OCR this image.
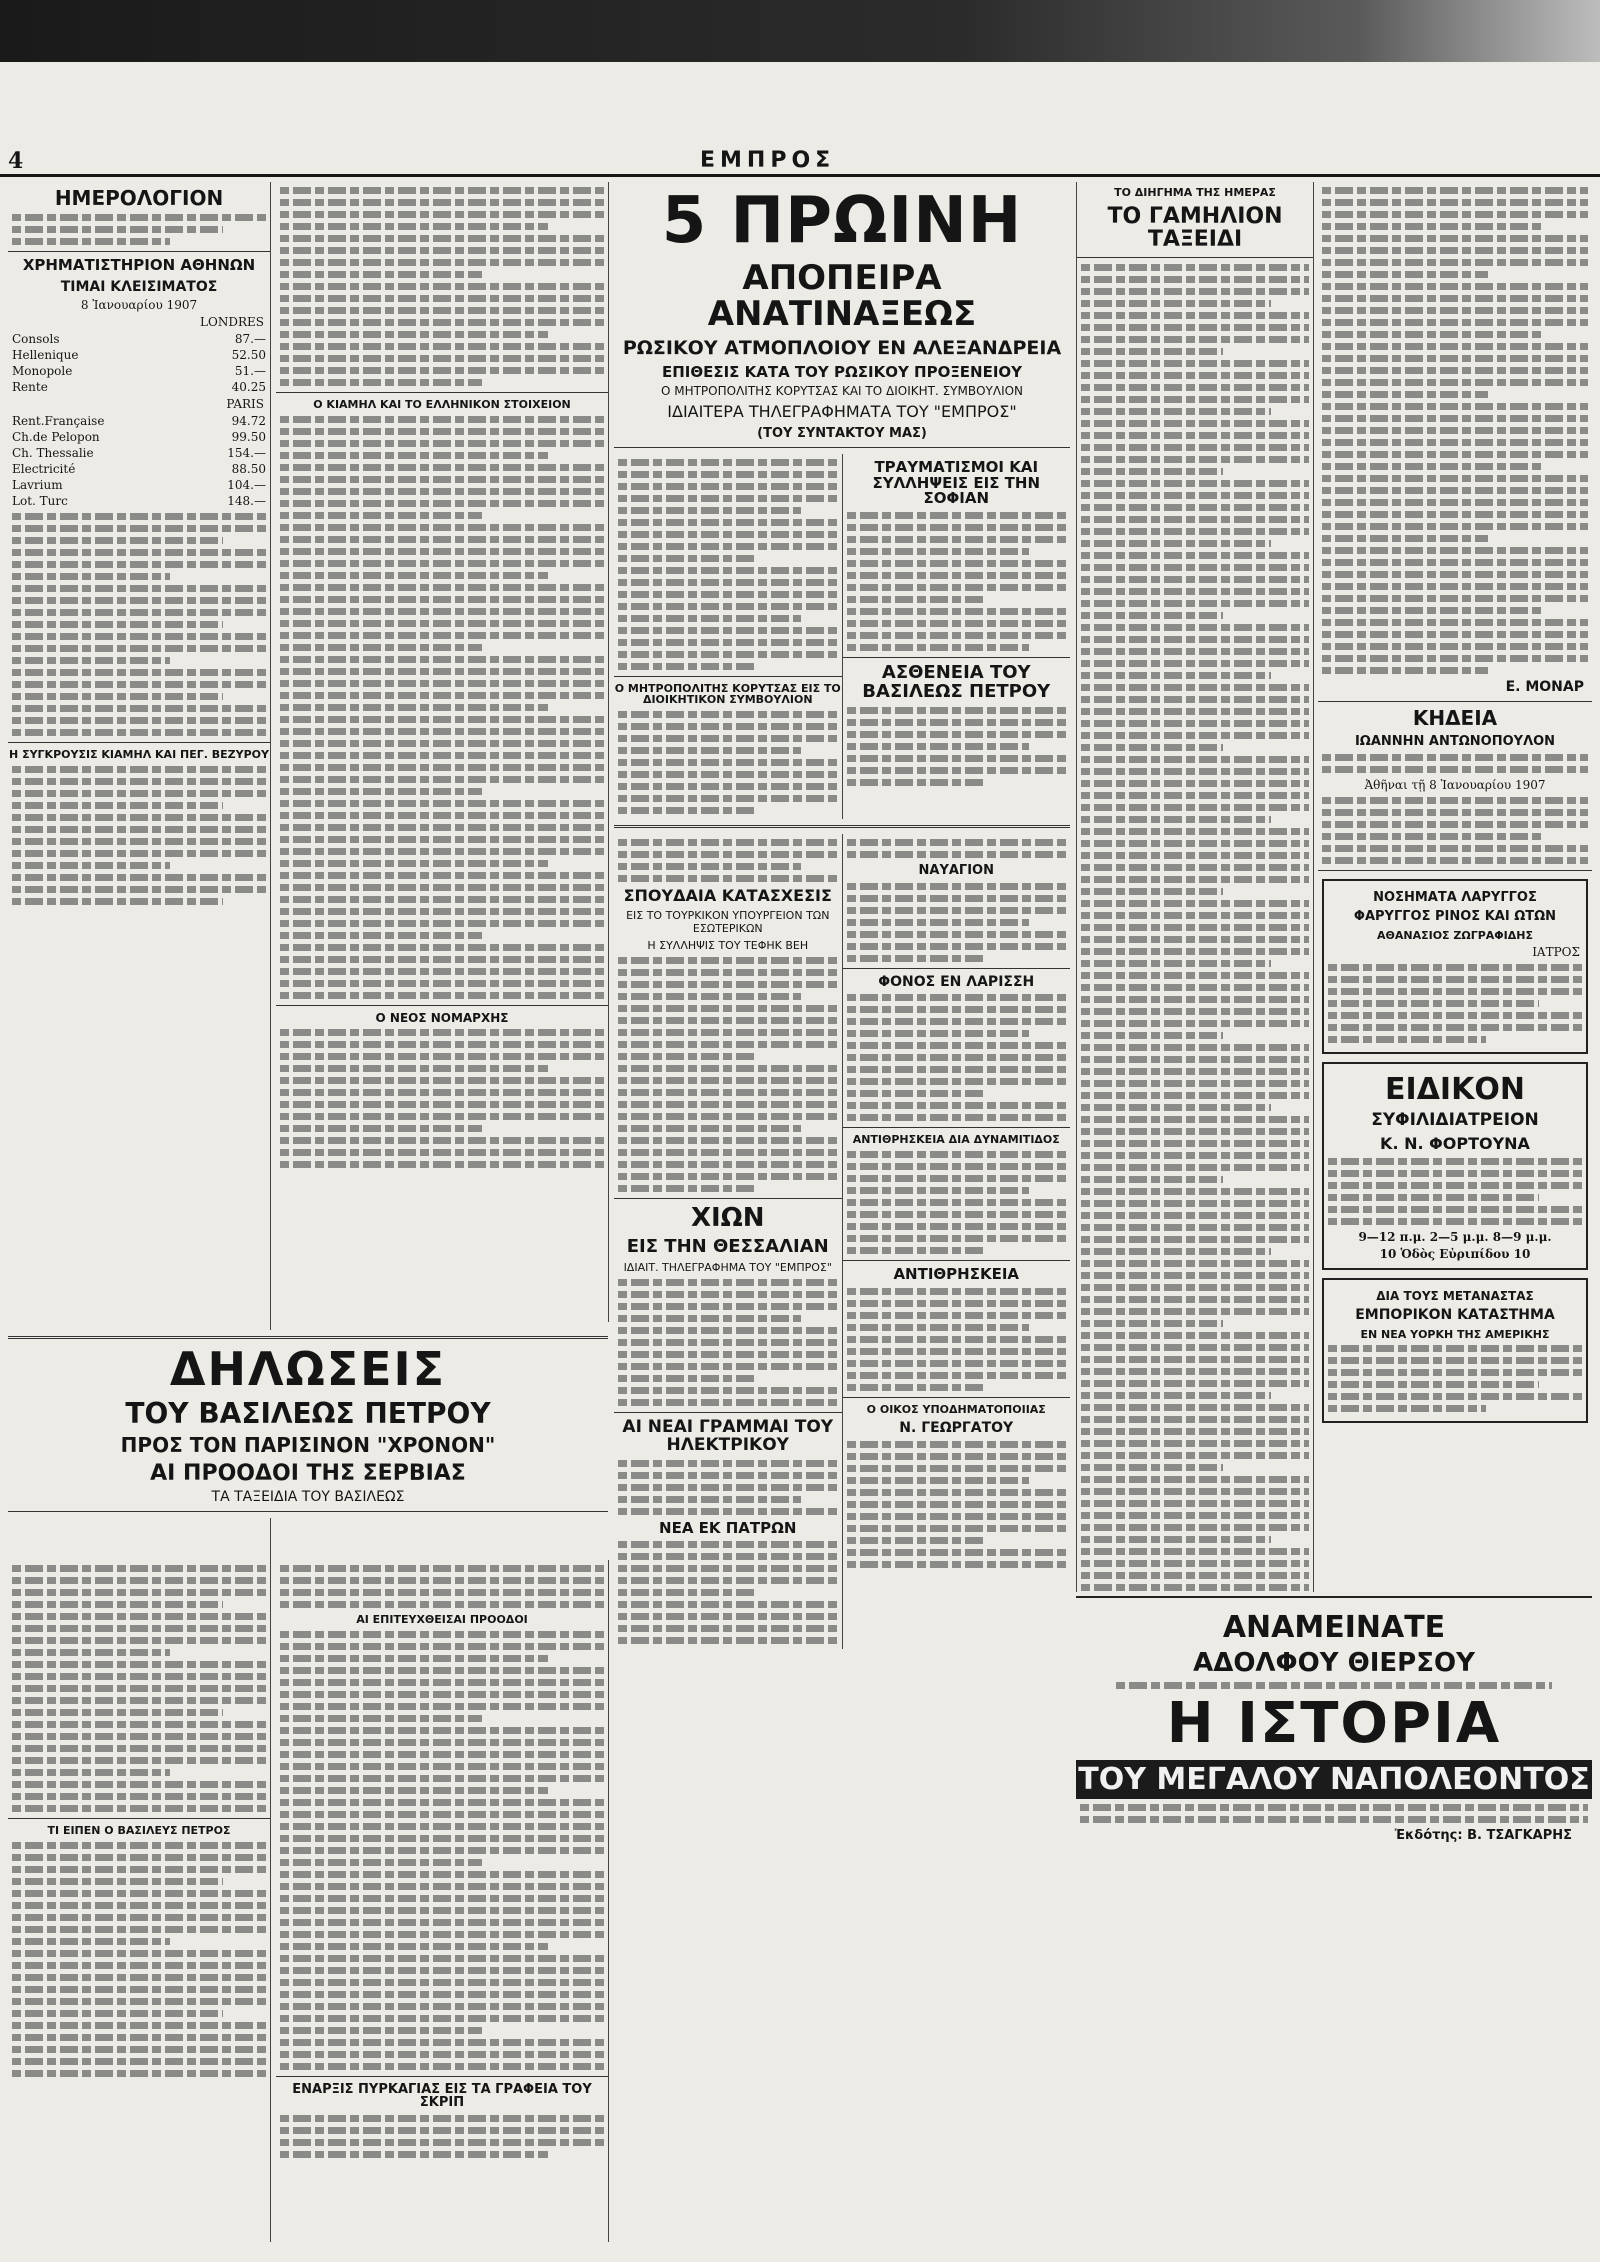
4	ΕΜΠΡΟΣ
ΗΜΕΡΟΛΟΓΙΟΝ
ΧΡΗΜΑΤΙΣΤΗΡΙΟΝ ΑΘΗΝΩΝ
ΤΙΜΑΙ ΚΛΕΙΣΙΜΑΤΟΣ
8 Ἰανουαρίου 1907
LONDRES
Consols	87.—
Hellenique	52.50
Monopole	51.—
Rente	40.25
PARIS
Rent.Française	94.72
Ch.de Pelopon	99.50
Ch. Thessalie	154.—
Electricité	88.50
Lavrium	104.—
Lot. Turc	148.—
Η ΣΥΓΚΡΟΥΣΙΣ ΚΙΑΜΗΛ ΚΑΙ ΠΕΓ. ΒΕΖΥΡΟΥ
ΔΗΛΩΣΕΙΣ
ΤΟΥ ΒΑΣΙΛΕΩΣ ΠΕΤΡΟΥ
ΠΡΟΣ ΤΟΝ ΠΑΡΙΣΙΝΟΝ "ΧΡΟΝΟΝ"
ΑΙ ΠΡΟΟΔΟΙ ΤΗΣ ΣΕΡΒΙΑΣ
ΤΑ ΤΑΞΕΙΔΙΑ ΤΟΥ ΒΑΣΙΛΕΩΣ
ΤΙ ΕΙΠΕΝ Ο ΒΑΣΙΛΕΥΣ ΠΕΤΡΟΣ
Ο ΚΙΑΜΗΛ ΚΑΙ ΤΟ ΕΛΛΗΝΙΚΟΝ ΣΤΟΙΧΕΙΟΝ
Ο ΝΕΟΣ ΝΟΜΑΡΧΗΣ
ΑΙ ΕΠΙΤΕΥΧΘΕΙΣΑΙ ΠΡΟΟΔΟΙ
ΕΝΑΡΞΙΣ ΠΥΡΚΑΓΙΑΣ ΕΙΣ ΤΑ ΓΡΑΦΕΙΑ ΤΟΥ ΣΚΡΙΠ
5 ΠΡΩΙΝΗ
ΑΠΟΠΕΙΡΑ ΑΝΑΤΙΝΑΞΕΩΣ
ΡΩΣΙΚΟΥ ΑΤΜΟΠΛΟΙΟΥ ΕΝ ΑΛΕΞΑΝΔΡΕΙΑ
ΕΠΙΘΕΣΙΣ ΚΑΤΑ ΤΟΥ ΡΩΣΙΚΟΥ ΠΡΟΞΕΝΕΙΟΥ
Ο ΜΗΤΡΟΠΟΛΙΤΗΣ ΚΟΡΥΤΣΑΣ ΚΑΙ ΤΟ ΔΙΟΙΚΗΤ. ΣΥΜΒΟΥΛΙΟΝ
ΙΔΙΑΙΤΕΡΑ ΤΗΛΕΓΡΑΦΗΜΑΤΑ ΤΟΥ "ΕΜΠΡΟΣ"
(ΤΟΥ ΣΥΝΤΑΚΤΟΥ ΜΑΣ)
Ο ΜΗΤΡΟΠΟΛΙΤΗΣ ΚΟΡΥΤΣΑΣ ΕΙΣ ΤΟ ΔΙΟΙΚΗΤΙΚΟΝ ΣΥΜΒΟΥΛΙΟΝ
ΤΡΑΥΜΑΤΙΣΜΟΙ ΚΑΙ ΣΥΛΛΗΨΕΙΣ ΕΙΣ ΤΗΝ ΣΟΦΙΑΝ
ΑΣΘΕΝΕΙΑ ΤΟΥ ΒΑΣΙΛΕΩΣ ΠΕΤΡΟΥ
ΣΠΟΥΔΑΙΑ ΚΑΤΑΣΧΕΣΙΣ
ΕΙΣ ΤΟ ΤΟΥΡΚΙΚΟΝ ΥΠΟΥΡΓΕΙΟΝ ΤΩΝ ΕΣΩΤΕΡΙΚΩΝ
Η ΣΥΛΛΗΨΙΣ ΤΟΥ ΤΕΦΗΚ ΒΕΗ
ΧΙΩΝ
ΕΙΣ ΤΗΝ ΘΕΣΣΑΛΙΑΝ
ΙΔΙΑΙΤ. ΤΗΛΕΓΡΑΦΗΜΑ ΤΟΥ "ΕΜΠΡΟΣ"
ΑΙ ΝΕΑΙ ΓΡΑΜΜΑΙ ΤΟΥ ΗΛΕΚΤΡΙΚΟΥ
ΝΕΑ ΕΚ ΠΑΤΡΩΝ
ΝΑΥΑΓΙΟΝ
ΦΟΝΟΣ ΕΝ ΛΑΡΙΣΣΗ
ΑΝΤΙΘΡΗΣΚΕΙΑ ΔΙΑ ΔΥΝΑΜΙΤΙΔΟΣ
ΑΝΤΙΘΡΗΣΚΕΙΑ
Ο ΟΙΚΟΣ ΥΠΟΔΗΜΑΤΟΠΟΙΙΑΣ
Ν. ΓΕΩΡΓΑΤΟΥ
ΤΟ ΔΙΗΓΗΜΑ ΤΗΣ ΗΜΕΡΑΣ
ΤΟ ΓΑΜΗΛΙΟΝ ΤΑΞΕΙΔΙ
Ε. ΜΟΝΑΡ
ΚΗΔΕΙΑ
ΙΩΑΝΝΗΝ ΑΝΤΩΝΟΠΟΥΛΟΝ
Ἀθῆναι τῇ 8 Ἰανουαρίου 1907
ΝΟΣΗΜΑΤΑ ΛΑΡΥΓΓΟΣ
ΦΑΡΥΓΓΟΣ ΡΙΝΟΣ ΚΑΙ ΩΤΩΝ
ΑΘΑΝΑΣΙΟΣ ΖΩΓΡΑΦΙΔΗΣ
ΙΑΤΡΟΣ
ΕΙΔΙΚΟΝ
ΣΥΦΙΛΙΔΙΑΤΡΕΙΟΝ
Κ. Ν. ΦΟΡΤΟΥΝΑ
9—12 π.μ. 2—5 μ.μ. 8—9 μ.μ.
10 Ὁδὸς Εὐριπίδου 10
ΔΙΑ ΤΟΥΣ ΜΕΤΑΝΑΣΤΑΣ
ΕΜΠΟΡΙΚΟΝ ΚΑΤΑΣΤΗΜΑ
ΕΝ ΝΕΑ ΥΟΡΚΗ ΤΗΣ ΑΜΕΡΙΚΗΣ
ΑΝΑΜΕΙΝΑΤΕ
ΑΔΟΛΦΟΥ ΘΙΕΡΣΟΥ
Η ΙΣΤΟΡΙΑ
ΤΟΥ ΜΕΓΑΛΟΥ ΝΑΠΟΛΕΟΝΤΟΣ
Ἐκδότης: Β. ΤΣΑΓΚΑΡΗΣ
